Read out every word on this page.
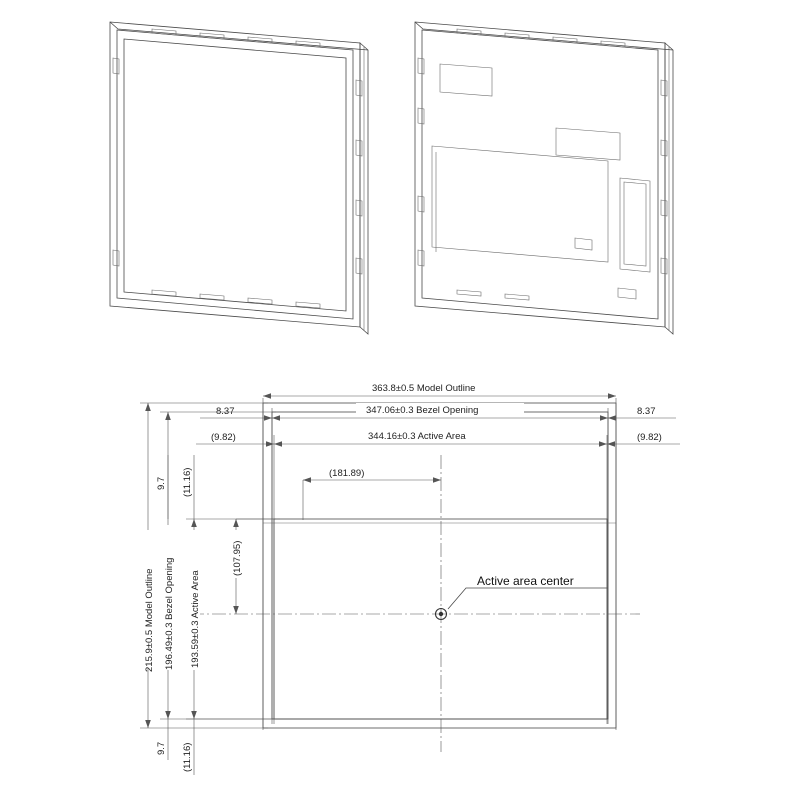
Active area center
363.8±0.5 Model Outline
347.06±0.3 Bezel Opening
344.16±0.3 Active Area
(181.89)
8.37	8.37
(9.82)	(9.82)
215.9±0.5 Model Outline 196.49±0.3 Bezel Opening 193.59±0.3 Active Area
(107.95)
9.7 (11.16)
9.7 (11.16)
